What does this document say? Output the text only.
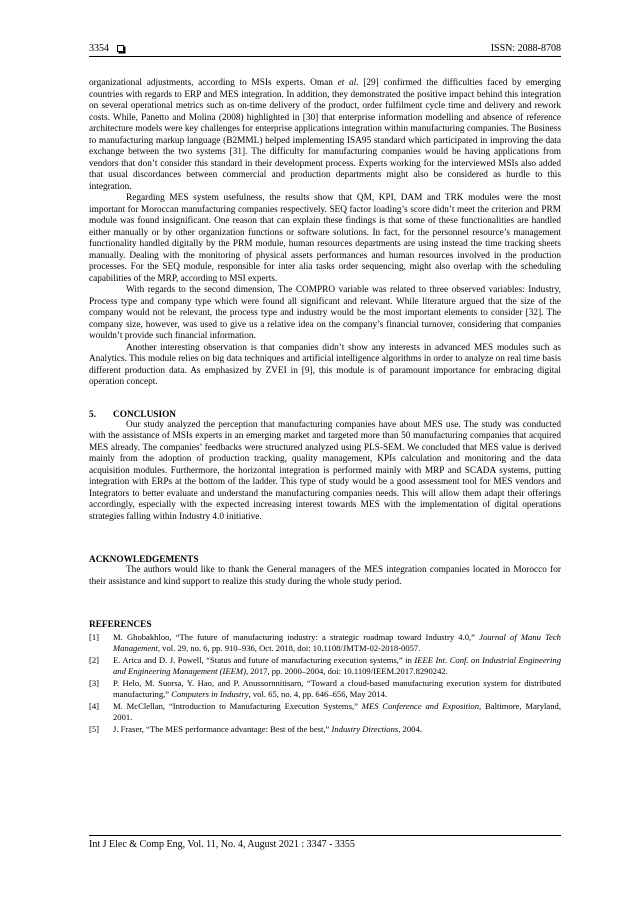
3354	ISSN: 2088-8708

organizational adjustments, according to MSIs experts. Oman et al. [29] confirmed the difficulties faced by emerging countries with regards to ERP and MES integration. In addition, they demonstrated the positive impact behind this integration on several operational metrics such as on-time delivery of the product, order fulfilment cycle time and delivery and rework costs. While, Panetto and Molina (2008) highlighted in [30] that enterprise information modelling and absence of reference architecture models were key challenges for enterprise applications integration within manufacturing companies. The Business to manufacturing markup language (B2MML) helped implementing ISA95 standard which participated in improving the data exchange between the two systems [31]. The difficulty for manufacturing companies would be having applications from vendors that don’t consider this standard in their development process. Experts working for the interviewed MSIs also added that usual discordances between commercial and production departments might also be considered as hurdle to this integration.

Regarding MES system usefulness, the results show that QM, KPI, DAM and TRK modules were the most important for Moroccan manufacturing companies respectively. SEQ factor loading’s score didn’t meet the criterion and PRM module was found insignificant. One reason that can explain these findings is that some of these functionalities are handled either manually or by other organization functions or software solutions. In fact, for the personnel resource’s management functionality handled digitally by the PRM module, human resources departments are using instead the time tracking sheets manually. Dealing with the monitoring of physical assets performances and human resources involved in the production processes. For the SEQ module, responsible for inter alia tasks order sequencing, might also overlap with the scheduling capabilities of the MRP, according to MSI experts.

With regards to the second dimension, The COMPRO variable was related to three observed variables: Industry, Process type and company type which were found all significant and relevant. While literature argued that the size of the company would not be relevant, the process type and industry would be the most important elements to consider [32]. The company size, however, was used to give us a relative idea on the company’s financial turnover, considering that companies wouldn’t provide such financial information.

Another interesting observation is that companies didn’t show any interests in advanced MES modules such as Analytics. This module relies on big data techniques and artificial intelligence algorithms in order to analyze on real time basis different production data. As emphasized by ZVEI in [9], this module is of paramount importance for embracing digital operation concept.

5. CONCLUSION

Our study analyzed the perception that manufacturing companies have about MES use. The study was conducted with the assistance of MSIs experts in an emerging market and targeted more than 50 manufacturing companies that acquired MES already. The companies’ feedbacks were structured analyzed using PLS-SEM. We concluded that MES value is derived mainly from the adoption of production tracking, quality management, KPIs calculation and monitoring and the data acquisition modules. Furthermore, the horizontal integration is performed mainly with MRP and SCADA systems, putting integration with ERPs at the bottom of the ladder. This type of study would be a good assessment tool for MES vendors and Integrators to better evaluate and understand the manufacturing companies needs. This will allow them adapt their offerings accordingly, especially with the expected increasing interest towards MES with the implementation of digital operations strategies falling within Industry 4.0 initiative.

ACKNOWLEDGEMENTS

The authors would like to thank the General managers of the MES integration companies located in Morocco for their assistance and kind support to realize this study during the whole study period.

REFERENCES
[1]	M. Ghobakhloo, “The future of manufacturing industry: a strategic roadmap toward Industry 4.0,” Journal of Manu Tech Management, vol. 29, no. 6, pp. 910–936, Oct. 2018, doi: 10.1108/JMTM-02-2018-0057.
[2]	E. Arica and D. J. Powell, “Status and future of manufacturing execution systems,” in IEEE Int. Conf. on Industrial Engineering and Engineering Management (IEEM), 2017, pp. 2000–2004, doi: 10.1109/IEEM.2017.8290242.
[3]	P. Helo, M. Suorsa, Y. Hao, and P. Anussornnitisarn, “Toward a cloud-based manufacturing execution system for distributed manufacturing,” Computers in Industry, vol. 65, no. 4, pp. 646–656, May 2014.
[4]	M. McClellan, “Introduction to Manufacturing Execution Systems,” MES Conference and Exposition, Baltimore, Maryland, 2001.
[5]	J. Fraser, “The MES performance advantage: Best of the best,” Industry Directions, 2004.
Int J Elec & Comp Eng, Vol. 11, No. 4, August 2021 : 3347 - 3355
